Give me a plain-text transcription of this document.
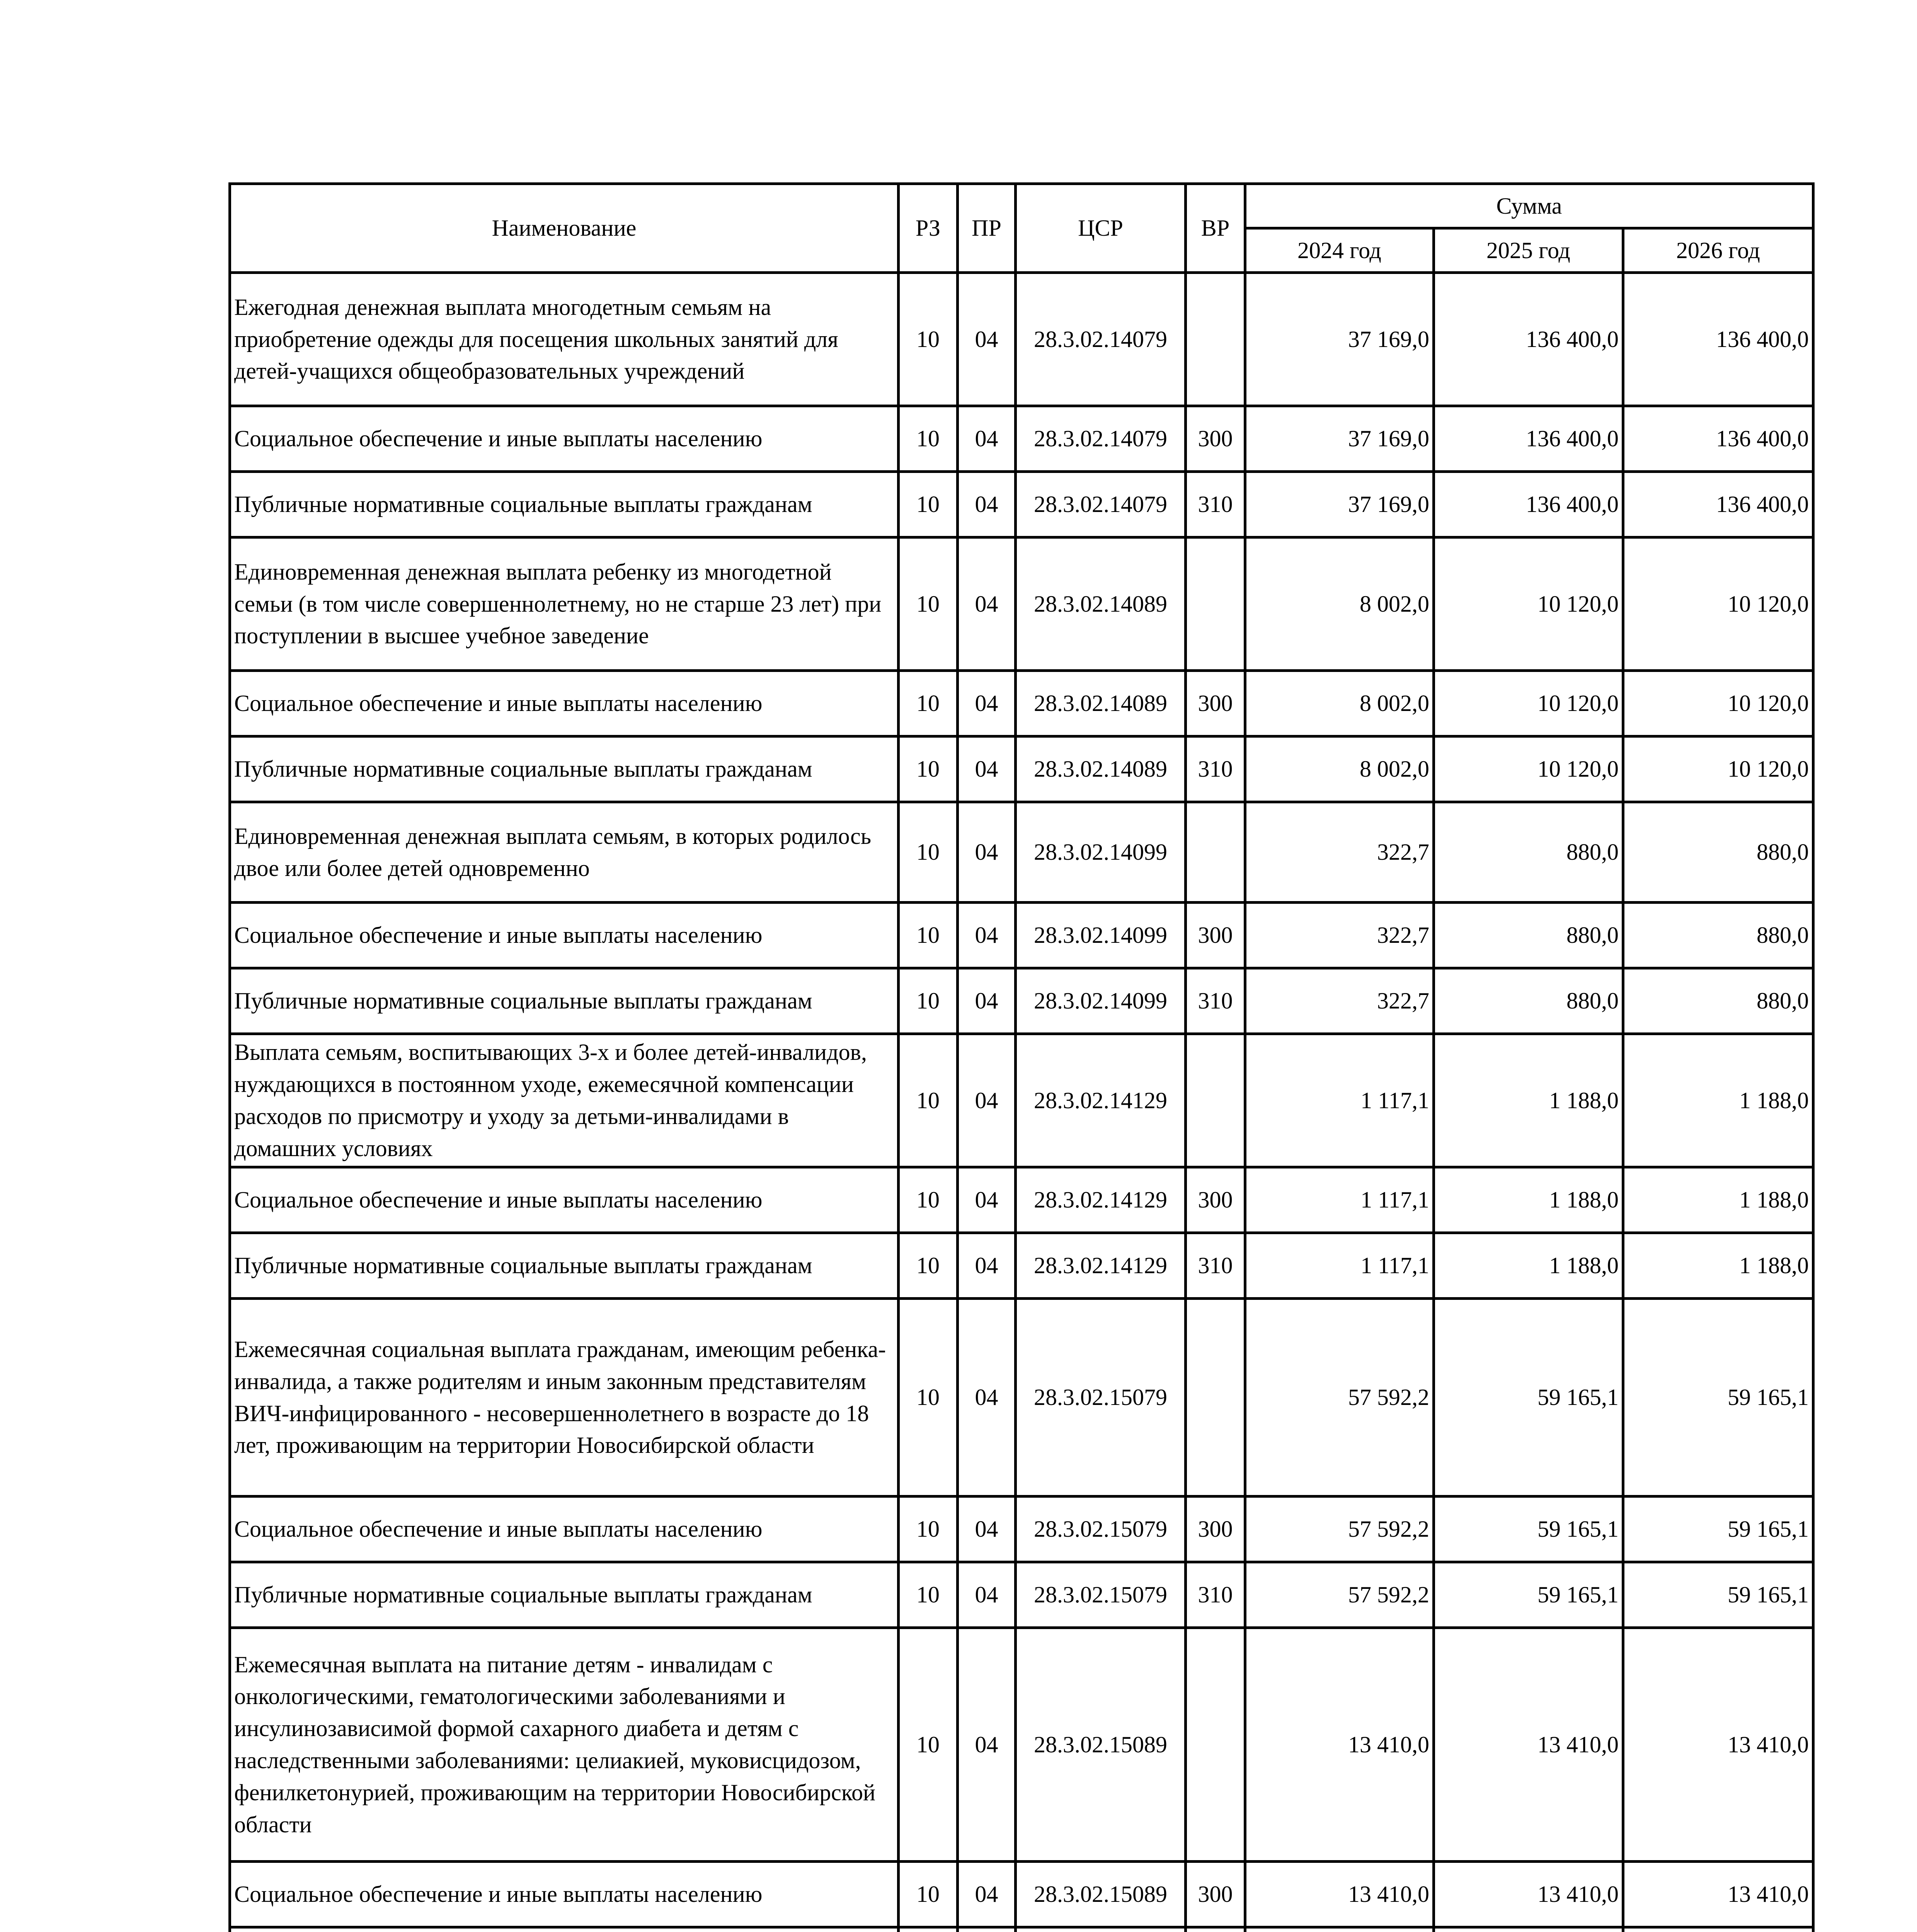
Наименование	РЗ	ПР	ЦСР	ВР	Сумма		
					2024 год	2025 год	2026 год
Ежегодная денежная выплата многодетным семьям на приобретение одежды для посещения школьных занятий для детей-учащихся общеобразовательных учреждений	10	04	28.3.02.14079		37 169,0	136 400,0	136 400,0
Социальное обеспечение и иные выплаты населению	10	04	28.3.02.14079	300	37 169,0	136 400,0	136 400,0
Публичные нормативные социальные выплаты гражданам	10	04	28.3.02.14079	310	37 169,0	136 400,0	136 400,0
Единовременная денежная выплата ребенку из многодетной семьи (в том числе совершеннолетнему, но не старше 23 лет) при поступлении в высшее учебное заведение	10	04	28.3.02.14089		8 002,0	10 120,0	10 120,0
Социальное обеспечение и иные выплаты населению	10	04	28.3.02.14089	300	8 002,0	10 120,0	10 120,0
Публичные нормативные социальные выплаты гражданам	10	04	28.3.02.14089	310	8 002,0	10 120,0	10 120,0
Единовременная денежная выплата семьям, в которых родилось двое или более детей одновременно	10	04	28.3.02.14099		322,7	880,0	880,0
Социальное обеспечение и иные выплаты населению	10	04	28.3.02.14099	300	322,7	880,0	880,0
Публичные нормативные социальные выплаты гражданам	10	04	28.3.02.14099	310	322,7	880,0	880,0
Выплата семьям, воспитывающих 3-х и более детей-инвалидов, нуждающихся в постоянном уходе, ежемесячной компенсации расходов по присмотру и уходу за детьми-инвалидами в домашних условиях	10	04	28.3.02.14129		1 117,1	1 188,0	1 188,0
Социальное обеспечение и иные выплаты населению	10	04	28.3.02.14129	300	1 117,1	1 188,0	1 188,0
Публичные нормативные социальные выплаты гражданам	10	04	28.3.02.14129	310	1 117,1	1 188,0	1 188,0
Ежемесячная социальная выплата гражданам, имеющим ребенка-инвалида, а также родителям и иным законным представителям ВИЧ-инфицированного - несовершеннолетнего в возрасте до 18 лет, проживающим на территории Новосибирской области	10	04	28.3.02.15079		57 592,2	59 165,1	59 165,1
Социальное обеспечение и иные выплаты населению	10	04	28.3.02.15079	300	57 592,2	59 165,1	59 165,1
Публичные нормативные социальные выплаты гражданам	10	04	28.3.02.15079	310	57 592,2	59 165,1	59 165,1
Ежемесячная выплата на питание детям - инвалидам с онкологическими, гематологическими заболеваниями и инсулинозависимой формой сахарного диабета и детям с наследственными заболеваниями: целиакией, муковисцидозом, фенилкетонурией, проживающим на территории Новосибирской области	10	04	28.3.02.15089		13 410,0	13 410,0	13 410,0
Социальное обеспечение и иные выплаты населению	10	04	28.3.02.15089	300	13 410,0	13 410,0	13 410,0
